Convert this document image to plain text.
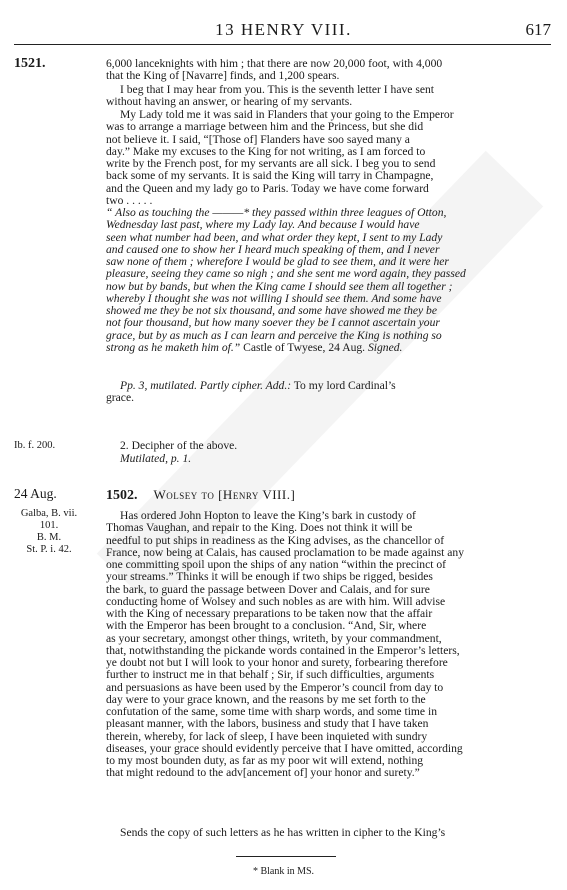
13 HENRY VIII.	617
1521.
Ib. f. 200.
24 Aug.
Galba, B. vii.
101.
B. M.
St. P. i. 42.
6,000 lanceknights with him ; that there are now 20,000 foot, with 4,000
that the King of [Navarre] finds, and 1,200 spears.
I beg that I may hear from you. This is the seventh letter I have sent
without having an answer, or hearing of my servants.
My Lady told me it was said in Flanders that your going to the Emperor
was to arrange a marriage between him and the Princess, but she did
not believe it. I said, “[Those of] Flanders have soo sayed many a
day.” Make my excuses to the King for not writing, as I am forced to
write by the French post, for my servants are all sick. I beg you to send
back some of my servants. It is said the King will tarry in Champagne,
and the Queen and my lady go to Paris. Today we have come forward
two . . . . .
“ Also as touching the ———* they passed within three leagues of Otton,
Wednesday last past, where my Lady lay. And because I would have
seen what number had been, and what order they kept, I sent to my Lady
and caused one to show her I heard much speaking of them, and I never
saw none of them ; wherefore I would be glad to see them, and it were her
pleasure, seeing they came so nigh ; and she sent me word again, they passed
now but by bands, but when the King came I should see them all together ;
whereby I thought she was not willing I should see them. And some have
showed me they be not six thousand, and some have showed me they be
not four thousand, but how many soever they be I cannot ascertain your
grace, but by as much as I can learn and perceive the King is nothing so
strong as he maketh him of.” Castle of Twyese, 24 Aug. Signed.
Pp. 3, mutilated. Partly cipher. Add.: To my lord Cardinal’s
grace.
2. Decipher of the above.
Mutilated, p. 1.
1502. Wolsey to [Henry VIII.]
Has ordered John Hopton to leave the King’s bark in custody of
Thomas Vaughan, and repair to the King. Does not think it will be
needful to put ships in readiness as the King advises, as the chancellor of
France, now being at Calais, has caused proclamation to be made against any
one committing spoil upon the ships of any nation “within the precinct of
your streams.” Thinks it will be enough if two ships be rigged, besides
the bark, to guard the passage between Dover and Calais, and for sure
conducting home of Wolsey and such nobles as are with him. Will advise
with the King of necessary preparations to be taken now that the affair
with the Emperor has been brought to a conclusion. “And, Sir, where
as your secretary, amongst other things, writeth, by your commandment,
that, notwithstanding the pickande words contained in the Emperor’s letters,
ye doubt not but I will look to your honor and surety, forbearing therefore
further to instruct me in that behalf ; Sir, if such difficulties, arguments
and persuasions as have been used by the Emperor’s council from day to
day were to your grace known, and the reasons by me set forth to the
confutation of the same, some time with sharp words, and some time in
pleasant manner, with the labors, business and study that I have taken
therein, whereby, for lack of sleep, I have been inquieted with sundry
diseases, your grace should evidently perceive that I have omitted, according
to my most bounden duty, as far as my poor wit will extend, nothing
that might redound to the adv[ancement of] your honor and surety.”
Sends the copy of such letters as he has written in cipher to the King’s
* Blank in MS.
